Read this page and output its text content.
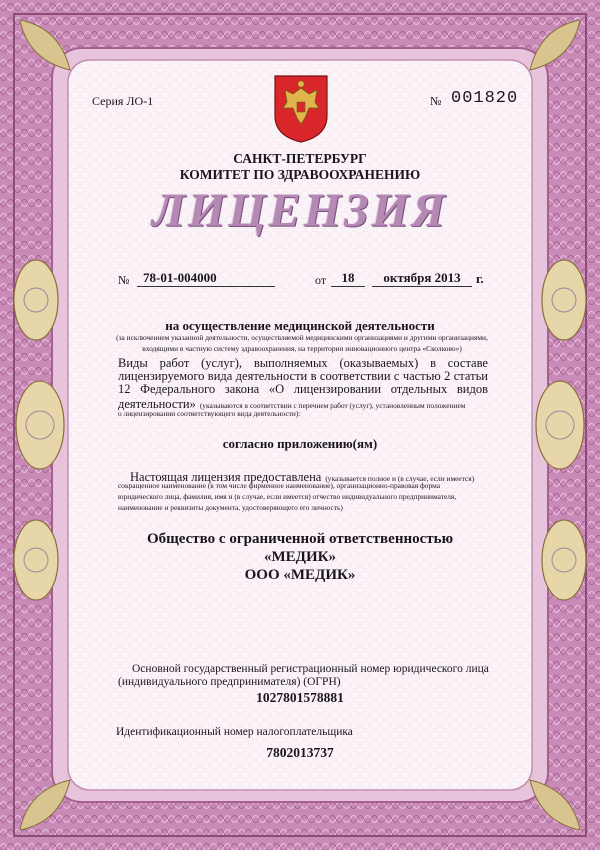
Серия ЛО-1	№ 001820
САНКТ-ПЕТЕРБУРГ
КОМИТЕТ ПО ЗДРАВООХРАНЕНИЮ
ЛИЦЕНЗИЯ
№	78-01-004000	от	18	октября 2013	г.
на осуществление медицинской деятельности
(за исключением указанной деятельности, осуществляемой медицинскими организациями и другими организациями, входящими в частную систему здравоохранения, на территории инновационного центра «Сколково»)
Виды работ (услуг), выполняемых (оказываемых) в составе
лицензируемого вида деятельности в соответствии с частью 2 статьи
12 Федерального закона «О лицензировании отдельных видов
деятельности» (указываются в соответствии с перечнем работ (услуг), установленным положением
о лицензировании соответствующего вида деятельности):
согласно приложению(ям)
Настоящая лицензия предоставлена (указывается полное и (в случае, если имеется)
сокращенное наименование (в том числе фирменное наименование), организационно-правовая форма
юридического лица, фамилия, имя и (в случае, если имеется) отчество индивидуального предпринимателя,
наименование и реквизиты документа, удостоверяющего его личность)
Общество с ограниченной ответственностью
«МЕДИК»
ООО «МЕДИК»
Основной государственный регистрационный номер юридического лица
(индивидуального предпринимателя) (ОГРН)
1027801578881
Идентификационный номер налогоплательщика
7802013737
